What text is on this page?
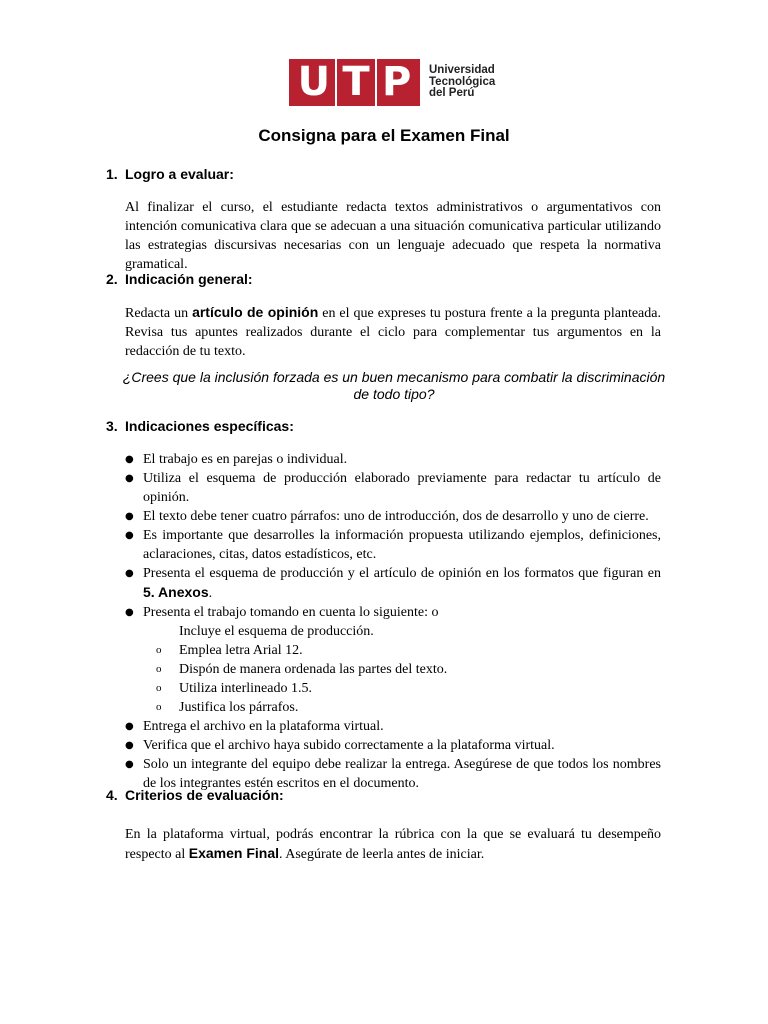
U T P Universidad
Tecnológica
del Perú
Consigna para el Examen Final
1. Logro a evaluar:
Al finalizar el curso, el estudiante redacta textos administrativos o argumentativos con intención comunicativa clara que se adecuan a una situación comunicativa particular utilizando las estrategias discursivas necesarias con un lenguaje adecuado que respeta la normativa gramatical.
2. Indicación general:
Redacta un artículo de opinión en el que expreses tu postura frente a la pregunta planteada. Revisa tus apuntes realizados durante el ciclo para complementar tus argumentos en la redacción de tu texto.
¿Crees que la inclusión forzada es un buen mecanismo para combatir la discriminación de todo tipo?
3. Indicaciones específicas:
● El trabajo es en parejas o individual.
● Utiliza el esquema de producción elaborado previamente para redactar tu artículo de opinión.
● El texto debe tener cuatro párrafos: uno de introducción, dos de desarrollo y uno de cierre.
● Es importante que desarrolles la información propuesta utilizando ejemplos, definiciones, aclaraciones, citas, datos estadísticos, etc.
● Presenta el esquema de producción y el artículo de opinión en los formatos que figuran en 5. Anexos.
● Presenta el trabajo tomando en cuenta lo siguiente: o
Incluye el esquema de producción.
o Emplea letra Arial 12.
o Dispón de manera ordenada las partes del texto.
o Utiliza interlineado 1.5.
o Justifica los párrafos.
● Entrega el archivo en la plataforma virtual.
● Verifica que el archivo haya subido correctamente a la plataforma virtual.
● Solo un integrante del equipo debe realizar la entrega. Asegúrese de que todos los nombres de los integrantes estén escritos en el documento.
4. Criterios de evaluación:
En la plataforma virtual, podrás encontrar la rúbrica con la que se evaluará tu desempeño respecto al Examen Final. Asegúrate de leerla antes de iniciar.
